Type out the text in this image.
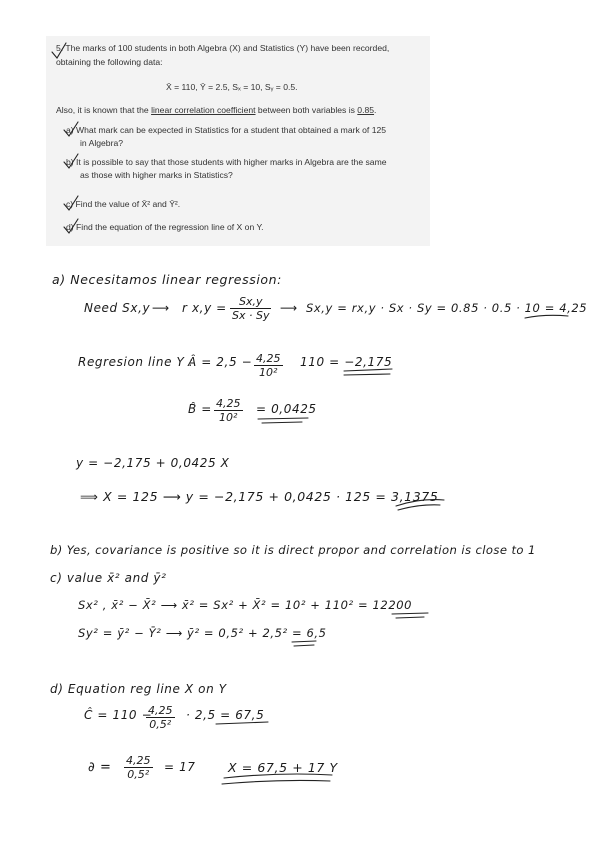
5. The marks of 100 students in both Algebra (X) and Statistics (Y) have been recorded,
obtaining the following data:
X̄ = 110, Ȳ = 2.5, Sₓ = 10, Sᵧ = 0.5.
Also, it is known that the linear correlation coefficient between both variables is 0.85.
a) What mark can be expected in Statistics for a student that obtained a mark of 125
in Algebra?
b) It is possible to say that those students with higher marks in Algebra are the same
as those with higher marks in Statistics?
c) Find the value of X̄² and Ȳ².
d) Find the equation of the regression line of X on Y.
a) Necesitamos linear regression:
Need Sx,y ⟶ r $x,y = \frac{Sx,y}{Sx \cdot Sy}$ ⟶ Sx,y = rx,y · Sx · Sy = 0.85 · 0.5 · 10 = 4,25
Regresion line Y :
Â = $2,5 - \frac{4,25}{\text{10²}} 110 = -2,175$
B̂ = $\frac{4,25}{\text{10²}} = 0,0425$
y = −2,175 + 0,0425 X
⟹ X = 125 ⟶ y = −2,175 + 0,0425 · 125 = 3,1375
b) Yes, covariance is positive so it is direct propor and correlation is close to 1
c) value x̄² and ȳ²
Sx² , x̄² − X̄² ⟶ x̄² = Sx² + X̄² = 10² + 110² = 12200
Sy² = ȳ² − Ȳ² ⟶ ȳ² = 0,5² + 2,5² = 6,5
d) Equation reg line X on Y
Ĉ = 110 −
$\frac{4,25}{\text{0,5²}} \cdot 2,5 = 67,5$
∂ = $\frac{4,25}{\text{0,5²}} = 17$	X = 67,5 + 17 Y
